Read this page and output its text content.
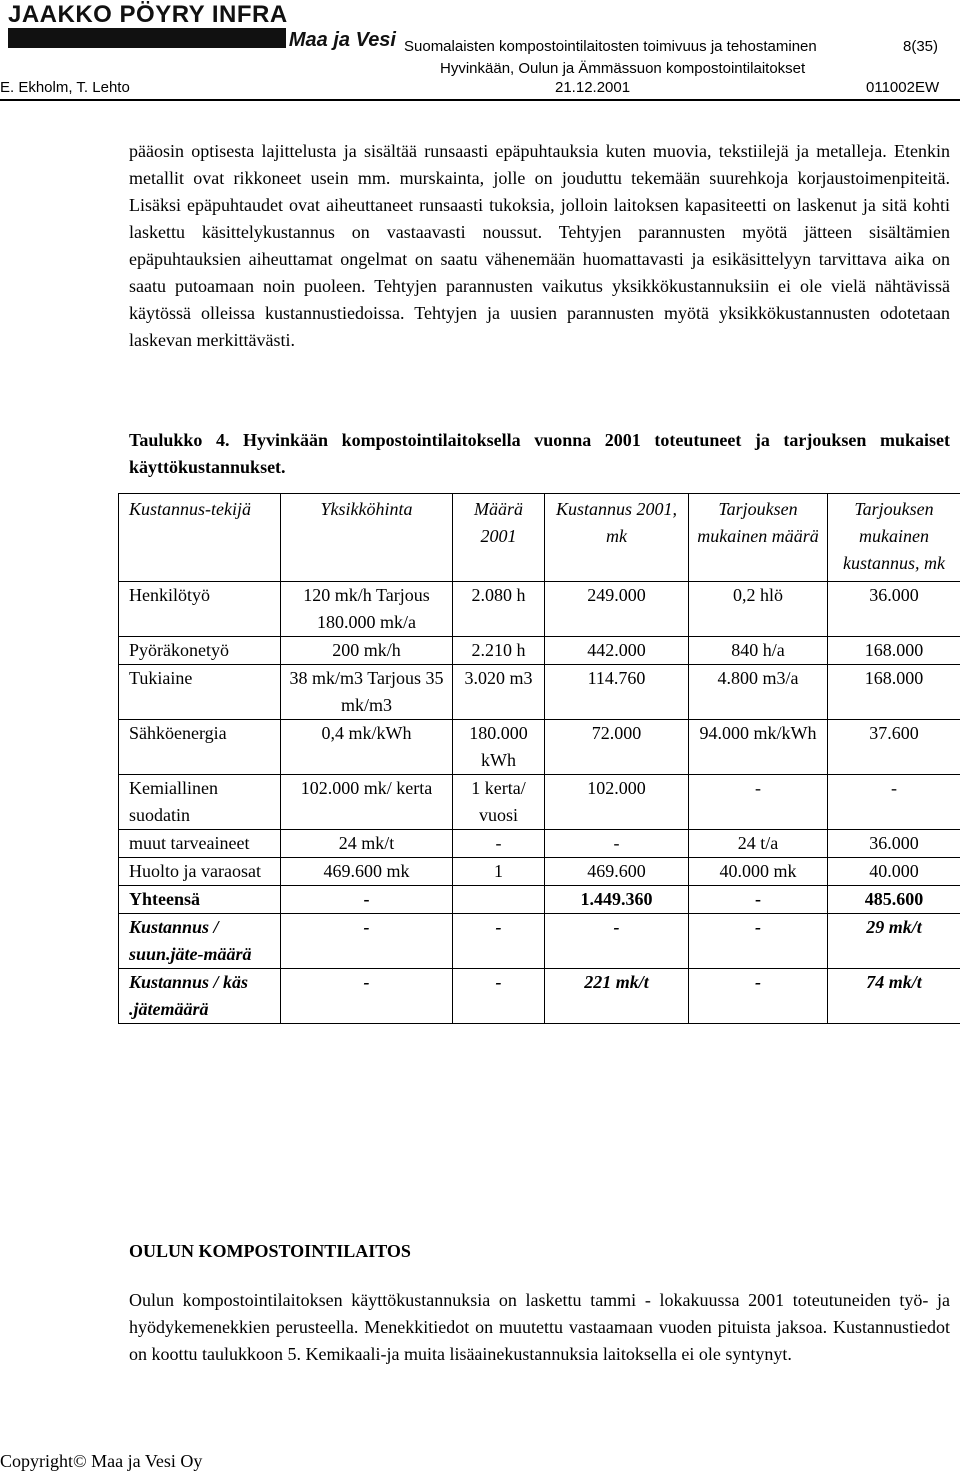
JAAKKO PÖYRY INFRA
Maa ja Vesi Suomalaisten kompostointilaitosten toimivuus ja tehostaminen	8(35)
Hyvinkään, Oulun ja Ämmässuon kompostointilaitokset
E. Ekholm, T. Lehto	21.12.2001	011002EW
pääosin optisesta lajittelusta ja sisältää runsaasti epäpuhtauksia kuten muovia, tekstiilejä ja metalleja. Etenkin metallit ovat rikkoneet usein mm. murskainta, jolle on jouduttu tekemään suurehkoja korjaustoimenpiteitä. Lisäksi epäpuhtaudet ovat aiheuttaneet runsaasti tukoksia, jolloin laitoksen kapasiteetti on laskenut ja sitä kohti laskettu käsittelykustannus on vastaavasti noussut. Tehtyjen parannusten myötä jätteen sisältämien epäpuhtauksien aiheuttamat ongelmat on saatu vähenemään huomattavasti ja esikäsittelyyn tarvittava aika on saatu putoamaan noin puoleen. Tehtyjen parannusten vaikutus yksikkökustannuksiin ei ole vielä nähtävissä käytössä olleissa kustannustiedoissa. Tehtyjen ja uusien parannusten myötä yksikkökustannusten odotetaan laskevan merkittävästi.
Taulukko 4. Hyvinkään kompostointilaitoksella vuonna 2001 toteutuneet ja tarjouksen mukaiset käyttökustannukset.
Kustannus-tekijä	Yksikköhinta	Määrä 2001	Kustannus 2001, mk	Tarjouksen mukainen määrä	Tarjouksen mukainen kustannus, mk
Henkilötyö	120 mk/h Tarjous 180.000 mk/a	2.080 h	249.000	0,2 hlö	36.000
Pyöräkonetyö	200 mk/h	2.210 h	442.000	840 h/a	168.000
Tukiaine	38 mk/m3 Tarjous 35 mk/m3	3.020 m3	114.760	4.800 m3/a	168.000
Sähköenergia	0,4 mk/kWh	180.000 kWh	72.000	94.000 mk/kWh	37.600
Kemiallinen suodatin	102.000 mk/ kerta	1 kerta/ vuosi	102.000	-	-
muut tarveaineet	24 mk/t	-	-	24 t/a	36.000
Huolto ja varaosat	469.600 mk	1	469.600	40.000 mk	40.000
Yhteensä	-		1.449.360	-	485.600
Kustannus / suun.jäte-määrä	-	-	-	-	29 mk/t
Kustannus / käs .jätemäärä	-	-	221 mk/t	-	74 mk/t
OULUN KOMPOSTOINTILAITOS
Oulun kompostointilaitoksen käyttökustannuksia on laskettu tammi - lokakuussa 2001 toteutuneiden työ- ja hyödykemenekkien perusteella. Menekkitiedot on muutettu vastaamaan vuoden pituista jaksoa. Kustannustiedot on koottu taulukkoon 5. Kemikaali-ja muita lisäainekustannuksia laitoksella ei ole syntynyt.
Copyright© Maa ja Vesi Oy
